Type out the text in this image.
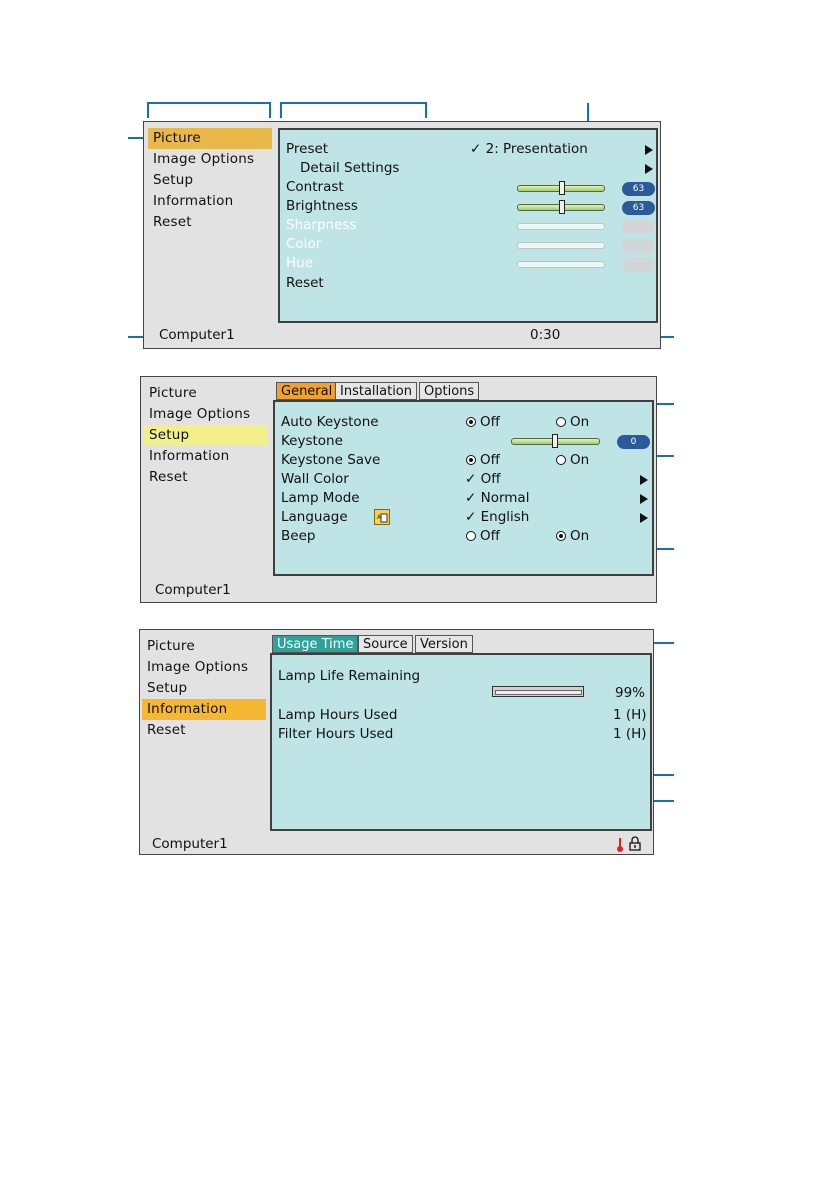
Picture
Image Options
Setup
Information
Reset
Preset	✓ 2: Presentation
Detail Settings
Contrast	63
Brightness	63
Sharpness
Color
Hue
Reset
Computer1	0:30
Picture
Image Options
Setup
Information
Reset
General Installation Options
Auto Keystone	Off	On
Keystone	0
Keystone Save	Off	On
Wall Color	✓ Off
Lamp Mode	✓ Normal
Language	A	✓ English
Beep	Off	On
Computer1
Picture
Image Options
Setup
Information
Reset
Usage Time Source Version
Lamp Life Remaining
99%
Lamp Hours Used	1 (H)
Filter Hours Used	1 (H)
Computer1
